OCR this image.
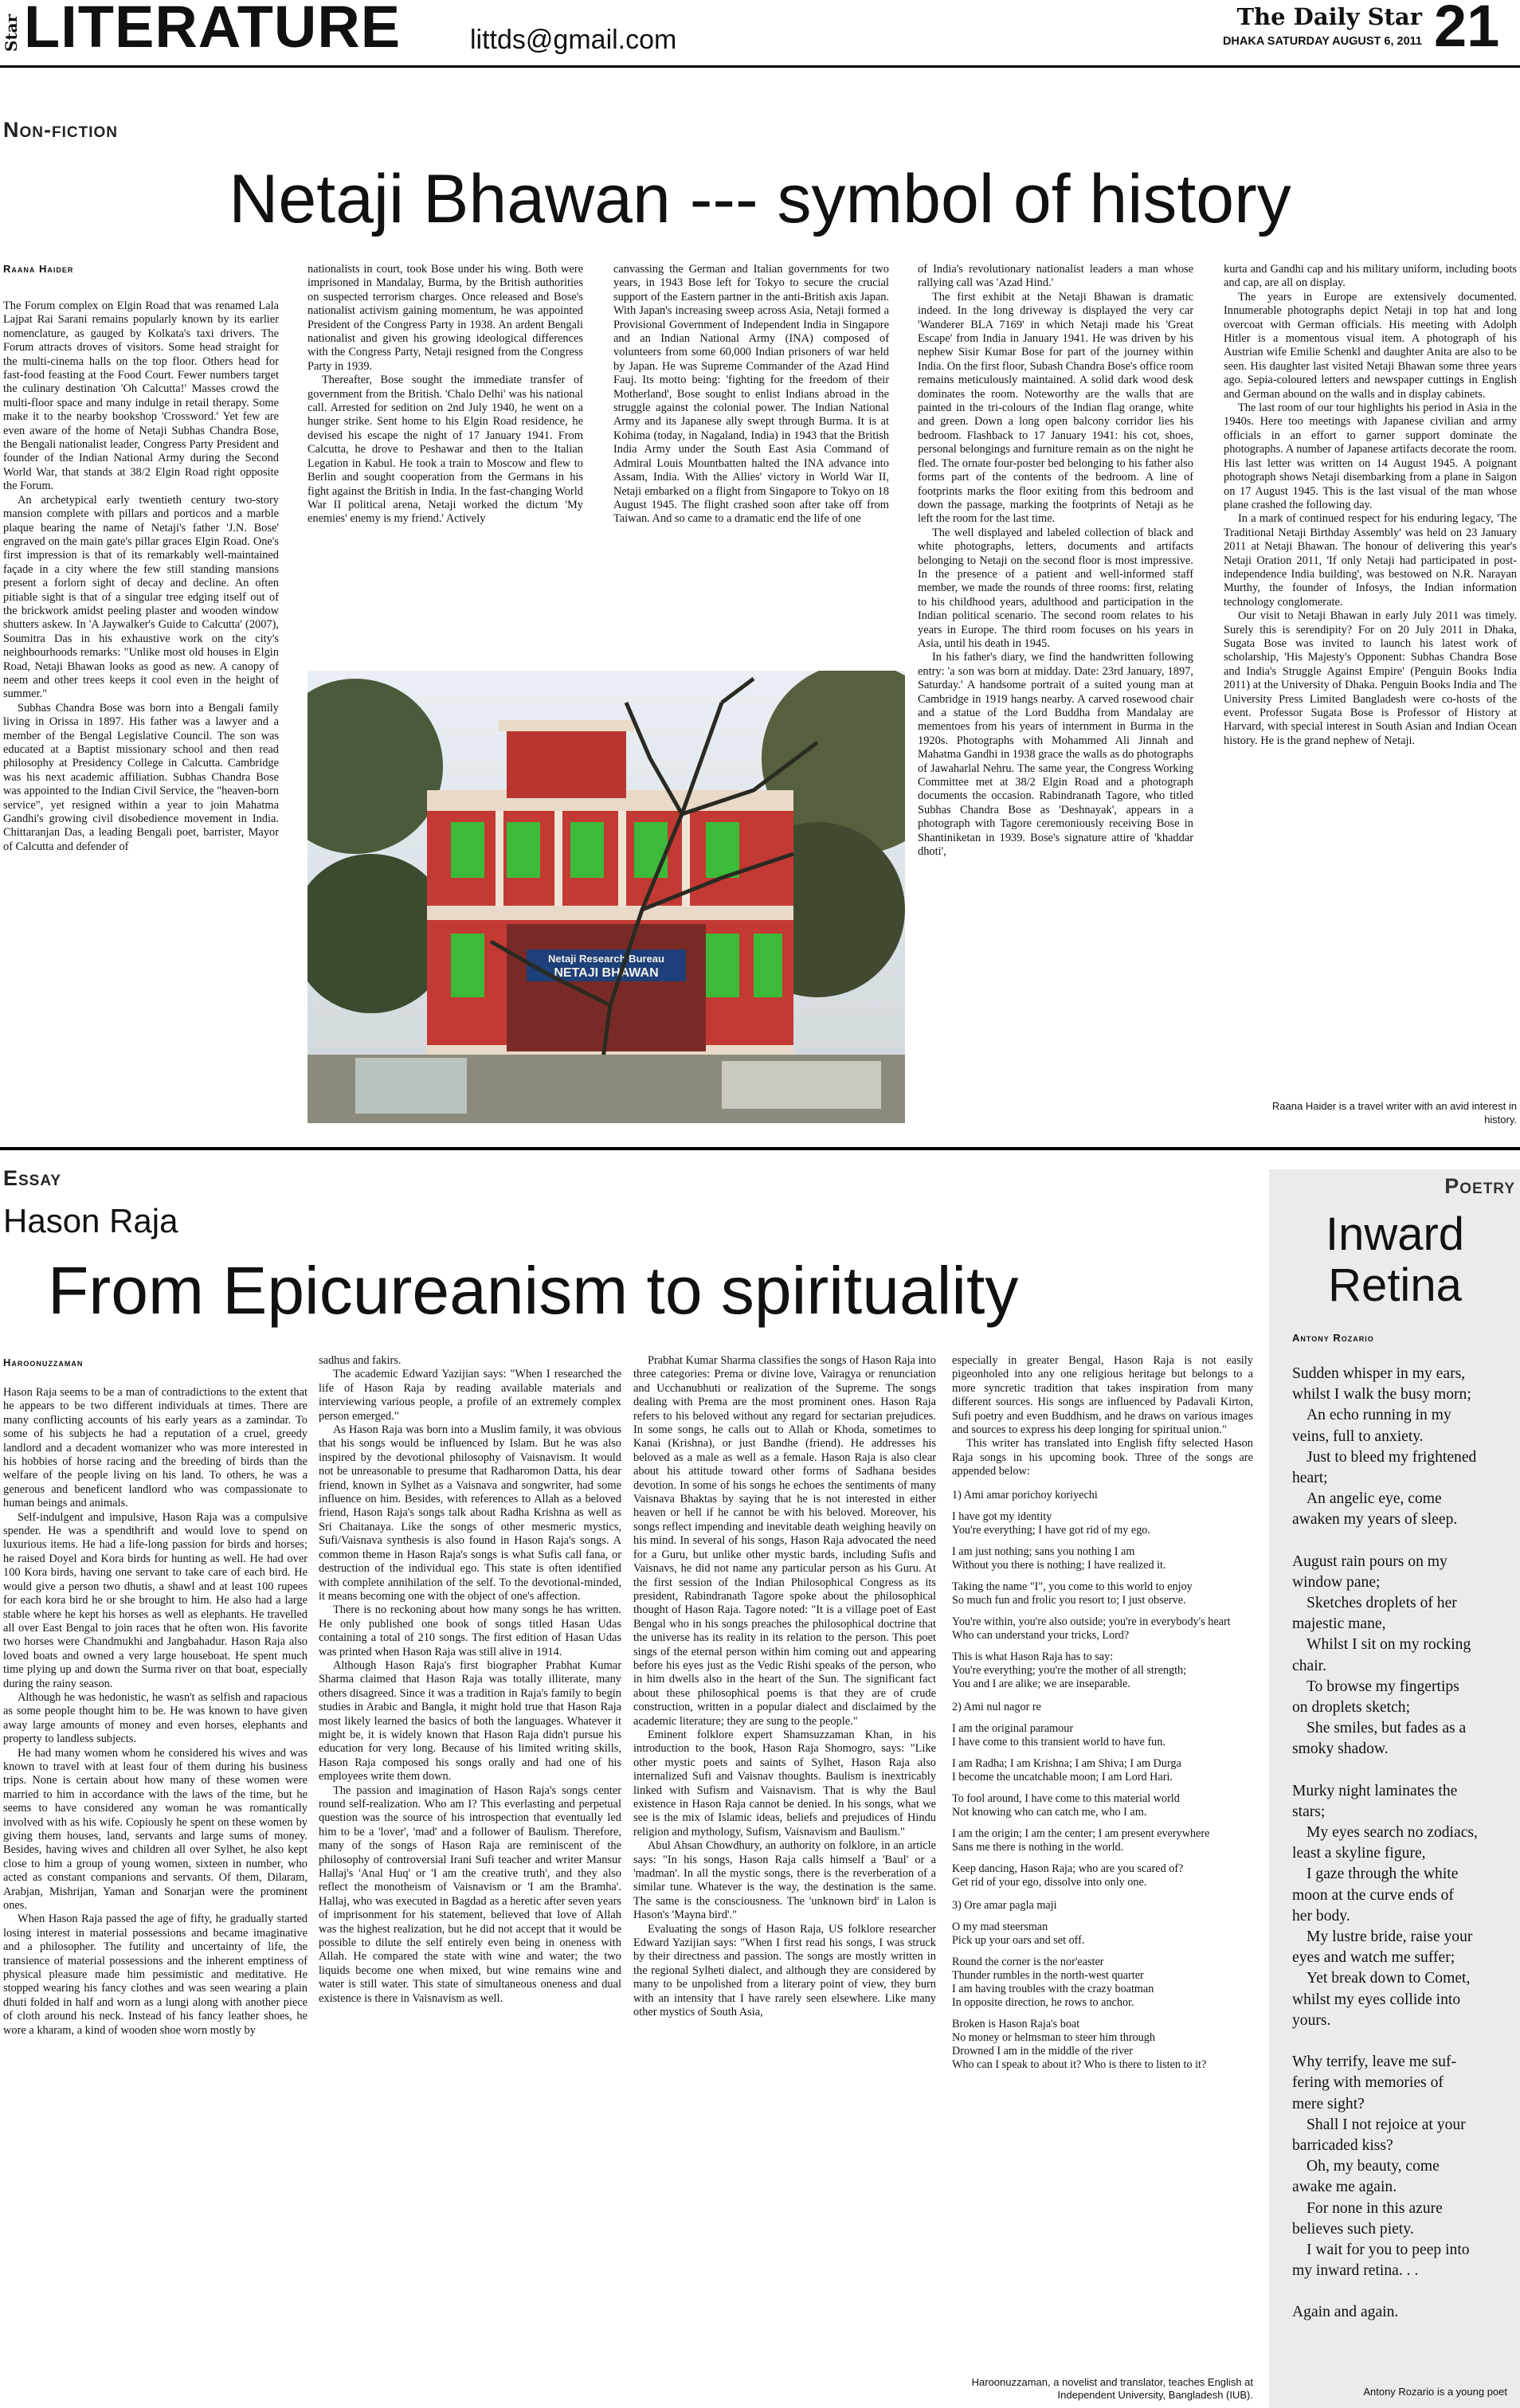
Star LITERATURE	littds@gmail.com
The Daily Star
DHAKA SATURDAY AUGUST 6, 2011 21
Non-fiction
Netaji Bhawan --- symbol of history
Raana Haider

The Forum complex on Elgin Road that was renamed Lala Lajpat Rai Sarani remains popularly known by its earlier nomenclature, as gauged by Kolkata's taxi drivers. The Forum attracts droves of visitors. Some head straight for the multi-cinema halls on the top floor. Others head for fast-food feasting at the Food Court. Fewer numbers target the culinary destination 'Oh Calcutta!' Masses crowd the multi-floor space and many indulge in retail therapy. Some make it to the nearby bookshop 'Crossword.' Yet few are even aware of the home of Netaji Subhas Chandra Bose, the Bengali nationalist leader, Congress Party President and founder of the Indian National Army during the Second World War, that stands at 38/2 Elgin Road right opposite the Forum.

An archetypical early twentieth century two-story mansion complete with pillars and porticos and a marble plaque bearing the name of Netaji's father 'J.N. Bose' engraved on the main gate's pillar graces Elgin Road. One's first impression is that of its remarkably well-maintained façade in a city where the few still standing mansions present a forlorn sight of decay and decline. An often pitiable sight is that of a singular tree edging itself out of the brickwork amidst peeling plaster and wooden window shutters askew. In 'A Jaywalker's Guide to Calcutta' (2007), Soumitra Das in his exhaustive work on the city's neighbourhoods remarks: "Unlike most old houses in Elgin Road, Netaji Bhawan looks as good as new. A canopy of neem and other trees keeps it cool even in the height of summer."

Subhas Chandra Bose was born into a Bengali family living in Orissa in 1897. His father was a lawyer and a member of the Bengal Legislative Council. The son was educated at a Baptist missionary school and then read philosophy at Presidency College in Calcutta. Cambridge was his next academic affiliation. Subhas Chandra Bose was appointed to the Indian Civil Service, the "heaven-born service", yet resigned within a year to join Mahatma Gandhi's growing civil disobedience movement in India. Chittaranjan Das, a leading Bengali poet, barrister, Mayor of Calcutta and defender of

nationalists in court, took Bose under his wing. Both were imprisoned in Mandalay, Burma, by the British authorities on suspected terrorism charges. Once released and Bose's nationalist activism gaining momentum, he was appointed President of the Congress Party in 1938. An ardent Bengali nationalist and given his growing ideological differences with the Congress Party, Netaji resigned from the Congress Party in 1939.

Thereafter, Bose sought the immediate transfer of government from the British. 'Chalo Delhi' was his national call. Arrested for sedition on 2nd July 1940, he went on a hunger strike. Sent home to his Elgin Road residence, he devised his escape the night of 17 January 1941. From Calcutta, he drove to Peshawar and then to the Italian Legation in Kabul. He took a train to Moscow and flew to Berlin and sought cooperation from the Germans in his fight against the British in India. In the fast-changing World War II political arena, Netaji worked the dictum 'My enemies' enemy is my friend.' Actively

canvassing the German and Italian governments for two years, in 1943 Bose left for Tokyo to secure the crucial support of the Eastern partner in the anti-British axis Japan. With Japan's increasing sweep across Asia, Netaji formed a Provisional Government of Independent India in Singapore and an Indian National Army (INA) composed of volunteers from some 60,000 Indian prisoners of war held by Japan. He was Supreme Commander of the Azad Hind Fauj. Its motto being: 'fighting for the freedom of their Motherland', Bose sought to enlist Indians abroad in the struggle against the colonial power. The Indian National Army and its Japanese ally swept through Burma. It is at Kohima (today, in Nagaland, India) in 1943 that the British India Army under the South East Asia Command of Admiral Louis Mountbatten halted the INA advance into Assam, India. With the Allies' victory in World War II, Netaji embarked on a flight from Singapore to Tokyo on 18 August 1945. The flight crashed soon after take off from Taiwan. And so came to a dramatic end the life of one

of India's revolutionary nationalist leaders a man whose rallying call was 'Azad Hind.'

The first exhibit at the Netaji Bhawan is dramatic indeed. In the long driveway is displayed the very car 'Wanderer BLA 7169' in which Netaji made his 'Great Escape' from India in January 1941. He was driven by his nephew Sisir Kumar Bose for part of the journey within India. On the first floor, Subash Chandra Bose's office room remains meticulously maintained. A solid dark wood desk dominates the room. Noteworthy are the walls that are painted in the tri-colours of the Indian flag orange, white and green. Down a long open balcony corridor lies his bedroom. Flashback to 17 January 1941: his cot, shoes, personal belongings and furniture remain as on the night he fled. The ornate four-poster bed belonging to his father also forms part of the contents of the bedroom. A line of footprints marks the floor exiting from this bedroom and down the passage, marking the footprints of Netaji as he left the room for the last time.

The well displayed and labeled collection of black and white photographs, letters, documents and artifacts belonging to Netaji on the second floor is most impressive. In the presence of a patient and well-informed staff member, we made the rounds of three rooms: first, relating to his childhood years, adulthood and participation in the Indian political scenario. The second room relates to his years in Europe. The third room focuses on his years in Asia, until his death in 1945.

In his father's diary, we find the handwritten following entry: 'a son was born at midday. Date: 23rd January, 1897, Saturday.' A handsome portrait of a suited young man at Cambridge in 1919 hangs nearby. A carved rosewood chair and a statue of the Lord Buddha from Mandalay are mementoes from his years of internment in Burma in the 1920s. Photographs with Mohammed Ali Jinnah and Mahatma Gandhi in 1938 grace the walls as do photographs of Jawaharlal Nehru. The same year, the Congress Working Committee met at 38/2 Elgin Road and a photograph documents the occasion. Rabindranath Tagore, who titled Subhas Chandra Bose as 'Deshnayak', appears in a photograph with Tagore ceremoniously receiving Bose in Shantiniketan in 1939. Bose's signature attire of 'khaddar dhoti',

kurta and Gandhi cap and his military uniform, including boots and cap, are all on display.

The years in Europe are extensively documented. Innumerable photographs depict Netaji in top hat and long overcoat with German officials. His meeting with Adolph Hitler is a momentous visual item. A photograph of his Austrian wife Emilie Schenkl and daughter Anita are also to be seen. His daughter last visited Netaji Bhawan some three years ago. Sepia-coloured letters and newspaper cuttings in English and German abound on the walls and in display cabinets.

The last room of our tour highlights his period in Asia in the 1940s. Here too meetings with Japanese civilian and army officials in an effort to garner support dominate the photographs. A number of Japanese artifacts decorate the room. His last letter was written on 14 August 1945. A poignant photograph shows Netaji disembarking from a plane in Saigon on 17 August 1945. This is the last visual of the man whose plane crashed the following day.

In a mark of continued respect for his enduring legacy, 'The Traditional Netaji Birthday Assembly' was held on 23 January 2011 at Netaji Bhawan. The honour of delivering this year's Netaji Oration 2011, 'If only Netaji had participated in post-independence India building', was bestowed on N.R. Narayan Murthy, the founder of Infosys, the Indian information technology conglomerate.

Our visit to Netaji Bhawan in early July 2011 was timely. Surely this is serendipity? For on 20 July 2011 in Dhaka, Sugata Bose was invited to launch his latest work of scholarship, 'His Majesty's Opponent: Subhas Chandra Bose and India's Struggle Against Empire' (Penguin Books India 2011) at the University of Dhaka. Penguin Books India and The University Press Limited Bangladesh were co-hosts of the event. Professor Sugata Bose is Professor of History at Harvard, with special interest in South Asian and Indian Ocean history. He is the grand nephew of Netaji.

Raana Haider is a travel writer with an avid interest in history.
Netaji Research Bureau
NETAJI BHAWAN
Essay
Hason Raja
From Epicureanism to spirituality
Haroonuzzaman

Hason Raja seems to be a man of contradictions to the extent that he appears to be two different individuals at times. There are many conflicting accounts of his early years as a zamindar. To some of his subjects he had a reputation of a cruel, greedy landlord and a decadent womanizer who was more interested in his hobbies of horse racing and the breeding of birds than the welfare of the people living on his land. To others, he was a generous and beneficent landlord who was compassionate to human beings and animals.

Self-indulgent and impulsive, Hason Raja was a compulsive spender. He was a spendthrift and would love to spend on luxurious items. He had a life-long passion for birds and horses; he raised Doyel and Kora birds for hunting as well. He had over 100 Kora birds, having one servant to take care of each bird. He would give a person two dhutis, a shawl and at least 100 rupees for each kora bird he or she brought to him. He also had a large stable where he kept his horses as well as elephants. He travelled all over East Bengal to join races that he often won. His favorite two horses were Chandmukhi and Jangbahadur. Hason Raja also loved boats and owned a very large houseboat. He spent much time plying up and down the Surma river on that boat, especially during the rainy season.

Although he was hedonistic, he wasn't as selfish and rapacious as some people thought him to be. He was known to have given away large amounts of money and even horses, elephants and property to landless subjects.

He had many women whom he considered his wives and was known to travel with at least four of them during his business trips. None is certain about how many of these women were married to him in accordance with the laws of the time, but he seems to have considered any woman he was romantically involved with as his wife. Copiously he spent on these women by giving them houses, land, servants and large sums of money. Besides, having wives and children all over Sylhet, he also kept close to him a group of young women, sixteen in number, who acted as constant companions and servants. Of them, Dilaram, Arabjan, Mishrijan, Yaman and Sonarjan were the prominent ones.

When Hason Raja passed the age of fifty, he gradually started losing interest in material possessions and became imaginative and a philosopher. The futility and uncertainty of life, the transience of material possessions and the inherent emptiness of physical pleasure made him pessimistic and meditative. He stopped wearing his fancy clothes and was seen wearing a plain dhuti folded in half and worn as a lungi along with another piece of cloth around his neck. Instead of his fancy leather shoes, he wore a kharam, a kind of wooden shoe worn mostly by

sadhus and fakirs.

The academic Edward Yazijian says: "When I researched the life of Hason Raja by reading available materials and interviewing various people, a profile of an extremely complex person emerged."

As Hason Raja was born into a Muslim family, it was obvious that his songs would be influenced by Islam. But he was also inspired by the devotional philosophy of Vaisnavism. It would not be unreasonable to presume that Radharomon Datta, his dear friend, known in Sylhet as a Vaisnava and songwriter, had some influence on him. Besides, with references to Allah as a beloved friend, Hason Raja's songs talk about Radha Krishna as well as Sri Chaitanaya. Like the songs of other mesmeric mystics, Sufi/Vaisnava synthesis is also found in Hason Raja's songs. A common theme in Hason Raja's songs is what Sufis call fana, or destruction of the individual ego. This state is often identified with complete annihilation of the self. To the devotional-minded, it means becoming one with the object of one's affection.

There is no reckoning about how many songs he has written. He only published one book of songs titled Hasan Udas containing a total of 210 songs. The first edition of Hasan Udas was printed when Hason Raja was still alive in 1914.

Although Hason Raja's first biographer Prabhat Kumar Sharma claimed that Hason Raja was totally illiterate, many others disagreed. Since it was a tradition in Raja's family to begin studies in Arabic and Bangla, it might hold true that Hason Raja most likely learned the basics of both the languages. Whatever it might be, it is widely known that Hason Raja didn't pursue his education for very long. Because of his limited writing skills, Hason Raja composed his songs orally and had one of his employees write them down.

The passion and imagination of Hason Raja's songs center round self-realization. Who am I? This everlasting and perpetual question was the source of his introspection that eventually led him to be a 'lover', 'mad' and a follower of Baulism. Therefore, many of the songs of Hason Raja are reminiscent of the philosophy of controversial Irani Sufi teacher and writer Mansur Hallaj's 'Anal Huq' or 'I am the creative truth', and they also reflect the monotheism of Vaisnavism or 'I am the Bramha'. Hallaj, who was executed in Bagdad as a heretic after seven years of imprisonment for his statement, believed that love of Allah was the highest realization, but he did not accept that it would be possible to dilute the self entirely even being in oneness with Allah. He compared the state with wine and water; the two liquids become one when mixed, but wine remains wine and water is still water. This state of simultaneous oneness and dual existence is there in Vaisnavism as well.

Prabhat Kumar Sharma classifies the songs of Hason Raja into three categories: Prema or divine love, Vairagya or renunciation and Ucchanubhuti or realization of the Supreme. The songs dealing with Prema are the most prominent ones. Hason Raja refers to his beloved without any regard for sectarian prejudices. In some songs, he calls out to Allah or Khoda, sometimes to Kanai (Krishna), or just Bandhe (friend). He addresses his beloved as a male as well as a female. Hason Raja is also clear about his attitude toward other forms of Sadhana besides devotion. In some of his songs he echoes the sentiments of many Vaisnava Bhaktas by saying that he is not interested in either heaven or hell if he cannot be with his beloved. Moreover, his songs reflect impending and inevitable death weighing heavily on his mind. In several of his songs, Hason Raja advocated the need for a Guru, but unlike other mystic bards, including Sufis and Vaisnavs, he did not name any particular person as his Guru. At the first session of the Indian Philosophical Congress as its president, Rabindranath Tagore spoke about the philosophical thought of Hason Raja. Tagore noted: "It is a village poet of East Bengal who in his songs preaches the philosophical doctrine that the universe has its reality in its relation to the person. This poet sings of the eternal person within him coming out and appearing before his eyes just as the Vedic Rishi speaks of the person, who in him dwells also in the heart of the Sun. The significant fact about these philosophical poems is that they are of crude construction, written in a popular dialect and disclaimed by the academic literature; they are sung to the people."

Eminent folklore expert Shamsuzzaman Khan, in his introduction to the book, Hason Raja Shomogro, says: "Like other mystic poets and saints of Sylhet, Hason Raja also internalized Sufi and Vaisnav thoughts. Baulism is inextricably linked with Sufism and Vaisnavism. That is why the Baul existence in Hason Raja cannot be denied. In his songs, what we see is the mix of Islamic ideas, beliefs and prejudices of Hindu religion and mythology, Sufism, Vaisnavism and Baulism."

Abul Ahsan Chowdhury, an authority on folklore, in an article says: "In his songs, Hason Raja calls himself a 'Baul' or a 'madman'. In all the mystic songs, there is the reverberation of a similar tune. Whatever is the way, the destination is the same. The same is the consciousness. The 'unknown bird' in Lalon is Hason's 'Mayna bird'."

Evaluating the songs of Hason Raja, US folklore researcher Edward Yazijian says: "When I first read his songs, I was struck by their directness and passion. The songs are mostly written in the regional Sylheti dialect, and although they are considered by many to be unpolished from a literary point of view, they burn with an intensity that I have rarely seen elsewhere. Like many other mystics of South Asia,

especially in greater Bengal, Hason Raja is not easily pigeonholed into any one religious heritage but belongs to a more syncretic tradition that takes inspiration from many different sources. His songs are influenced by Padavali Kirton, Sufi poetry and even Buddhism, and he draws on various images and sources to express his deep longing for spiritual union."

This writer has translated into English fifty selected Hason Raja songs in his upcoming book. Three of the songs are appended below:

1) Ami amar porichoy koriyechi

I have got my identity

You're everything; I have got rid of my ego.

I am just nothing; sans you nothing I am

Without you there is nothing; I have realized it.

Taking the name "I", you come to this world to enjoy

So much fun and frolic you resort to; I just observe.

You're within, you're also outside; you're in everybody's heart

Who can understand your tricks, Lord?

This is what Hason Raja has to say:

You're everything; you're the mother of all strength;

You and I are alike; we are inseparable.

2) Ami nul nagor re

I am the original paramour

I have come to this transient world to have fun.

I am Radha; I am Krishna; I am Shiva; I am Durga

I become the uncatchable moon; I am Lord Hari.

To fool around, I have come to this material world

Not knowing who can catch me, who I am.

I am the origin; I am the center; I am present everywhere

Sans me there is nothing in the world.

Keep dancing, Hason Raja; who are you scared of?

Get rid of your ego, dissolve into only one.

3) Ore amar pagla maji

O my mad steersman

Pick up your oars and set off.

Round the corner is the nor'easter

Thunder rumbles in the north-west quarter

I am having troubles with the crazy boatman

In opposite direction, he rows to anchor.

Broken is Hason Raja's boat

No money or helmsman to steer him through

Drowned I am in the middle of the river

Who can I speak to about it? Who is there to listen to it?

Haroonuzzaman, a novelist and translator, teaches English at Independent University, Bangladesh (IUB).
Poetry
Inward
Retina
Antony Rozario
Sudden whisper in my ears,
whilst I walk the busy morn;
An echo running in my
veins, full to anxiety.
Just to bleed my frightened
heart;
An angelic eye, come
awaken my years of sleep.
August rain pours on my
window pane;
Sketches droplets of her
majestic mane,
Whilst I sit on my rocking
chair.
To browse my fingertips
on droplets sketch;
She smiles, but fades as a
smoky shadow.
Murky night laminates the
stars;
My eyes search no zodiacs,
least a skyline figure,
I gaze through the white
moon at the curve ends of
her body.
My lustre bride, raise your
eyes and watch me suffer;
Yet break down to Comet,
whilst my eyes collide into
yours.
Why terrify, leave me suf-
fering with memories of
mere sight?
Shall I not rejoice at your
barricaded kiss?
Oh, my beauty, come
awake me again.
For none in this azure
believes such piety.
I wait for you to peep into
my inward retina. . .
Again and again.
Antony Rozario is a young poet
